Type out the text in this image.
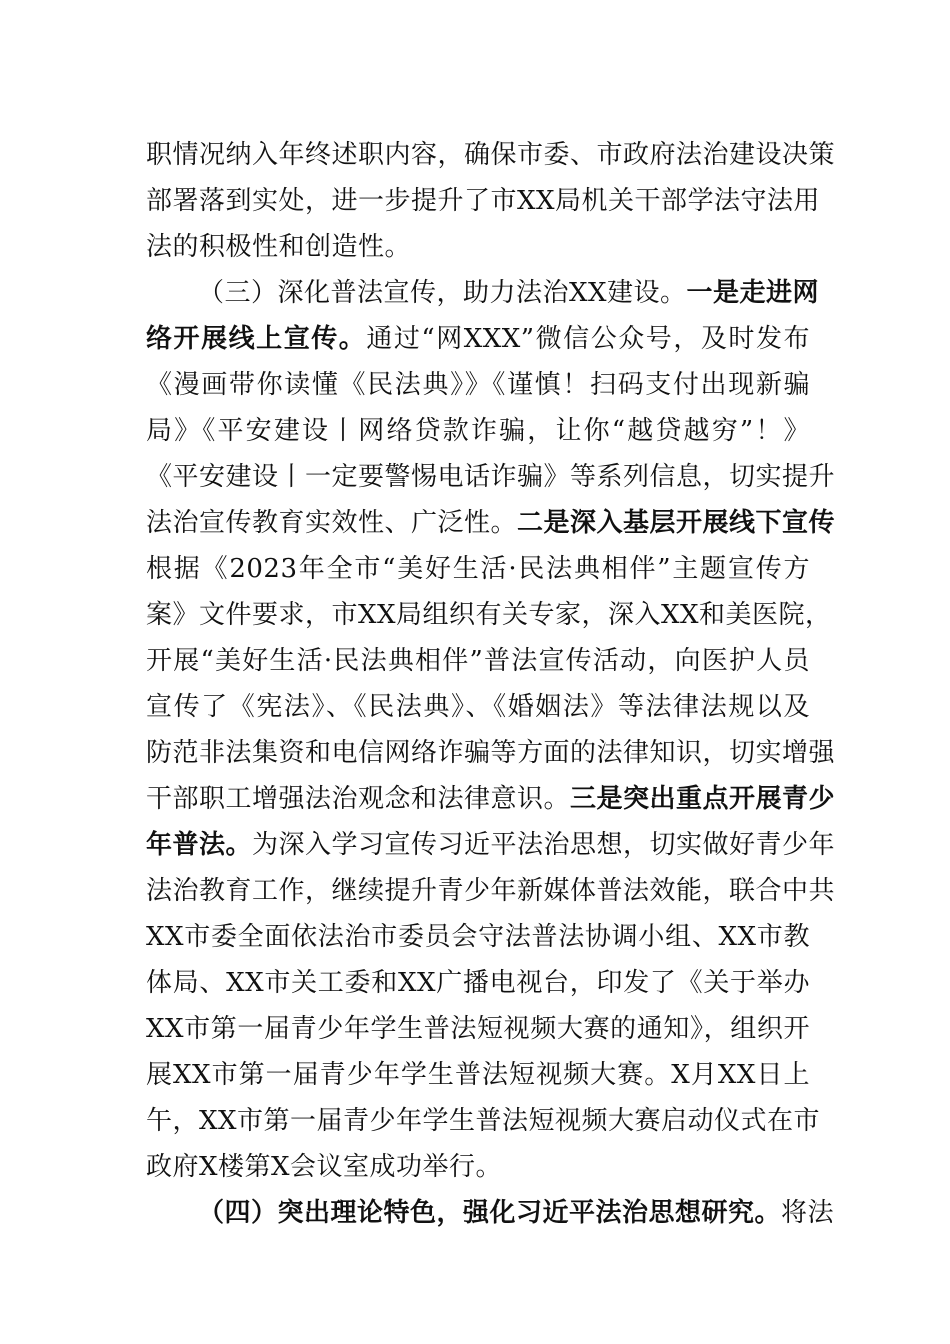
职情况纳入年终述职内容，确保市委、市政府法治建设决策
部署落到实处，进一步提升了市XX局机关干部学法守法用
法的积极性和创造性。
（三）深化普法宣传，助力法治XX建设。一是走进网
络开展线上宣传。通过“网XXX”微信公众号，及时发布
《漫画带你读懂《民法典》》《谨慎！扫码支付出现新骗
局》《平安建设丨网络贷款诈骗，让你“越贷越穷”！》
《平安建设丨一定要警惕电话诈骗》等系列信息，切实提升
法治宣传教育实效性、广泛性。二是深入基层开展线下宣传
根据《2023年全市“美好生活·民法典相伴”主题宣传方
案》文件要求，市XX局组织有关专家，深入XX和美医院，
开展“美好生活·民法典相伴”普法宣传活动，向医护人员
宣传了《宪法》、《民法典》、《婚姻法》等法律法规以及
防范非法集资和电信网络诈骗等方面的法律知识，切实增强
干部职工增强法治观念和法律意识。三是突出重点开展青少
年普法。为深入学习宣传习近平法治思想，切实做好青少年
法治教育工作，继续提升青少年新媒体普法效能，联合中共
XX市委全面依法治市委员会守法普法协调小组、XX市教
体局、XX市关工委和XX广播电视台，印发了《关于举办
XX市第一届青少年学生普法短视频大赛的通知》，组织开
展XX市第一届青少年学生普法短视频大赛。X月XX日上
午，XX市第一届青少年学生普法短视频大赛启动仪式在市
政府X楼第X会议室成功举行。
（四）突出理论特色，强化习近平法治思想研究。将法
